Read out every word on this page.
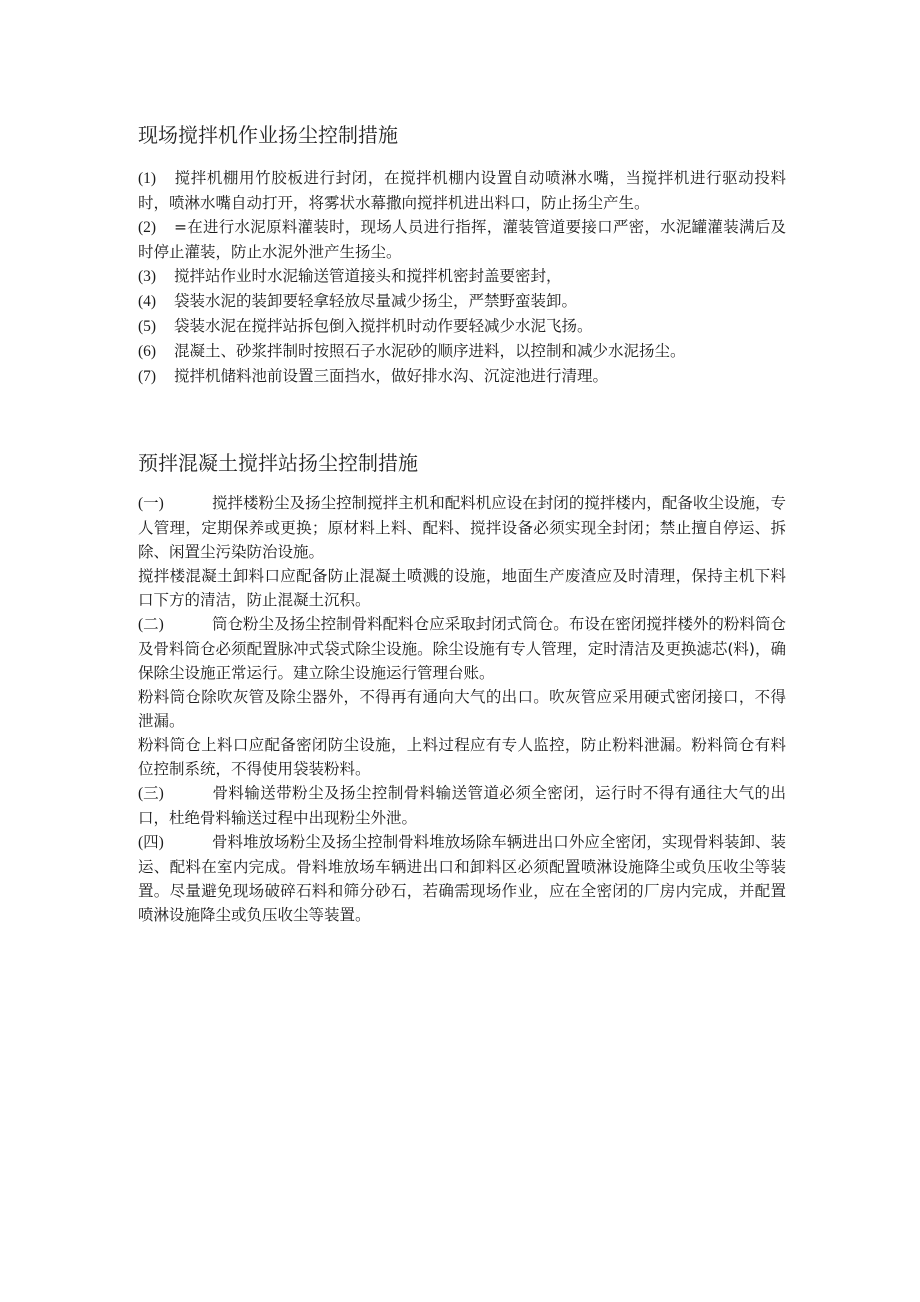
现场搅拌机作业扬尘控制措施

(1) 搅拌机棚用竹胶板进行封闭，在搅拌机棚内设置自动喷淋水嘴，当搅拌机进行驱动投料时，喷淋水嘴自动打开，将雾状水幕撒向搅拌机进出料口，防止扬尘产生。

(2) =在进行水泥原料灌装时，现场人员进行指挥，灌装管道要接口严密，水泥罐灌装满后及时停止灌装，防止水泥外泄产生扬尘。

(3) 搅拌站作业时水泥输送管道接头和搅拌机密封盖要密封，

(4) 袋装水泥的装卸要轻拿轻放尽量减少扬尘，严禁野蛮装卸。

(5) 袋装水泥在搅拌站拆包倒入搅拌机时动作要轻减少水泥飞扬。

(6) 混凝土、砂浆拌制时按照石子水泥砂的顺序进料，以控制和减少水泥扬尘。

(7) 搅拌机储料池前设置三面挡水，做好排水沟、沉淀池进行清理。

预拌混凝土搅拌站扬尘控制措施

(一)	搅拌楼粉尘及扬尘控制搅拌主机和配料机应设在封闭的搅拌楼内，配备收尘设施，专人管理，定期保养或更换；原材料上料、配料、搅拌设备必须实现全封闭；禁止擅自停运、拆除、闲置尘污染防治设施。

搅拌楼混凝土卸料口应配备防止混凝土喷溅的设施，地面生产废渣应及时清理，保持主机下料口下方的清洁，防止混凝土沉积。

(二)	筒仓粉尘及扬尘控制骨料配料仓应采取封闭式筒仓。布设在密闭搅拌楼外的粉料筒仓及骨料筒仓必须配置脉冲式袋式除尘设施。除尘设施有专人管理，定时清洁及更换滤芯(料)，确保除尘设施正常运行。建立除尘设施运行管理台账。

粉料筒仓除吹灰管及除尘器外，不得再有通向大气的出口。吹灰管应采用硬式密闭接口，不得泄漏。

粉料筒仓上料口应配备密闭防尘设施，上料过程应有专人监控，防止粉料泄漏。粉料筒仓有料位控制系统，不得使用袋装粉料。

(三)	骨料输送带粉尘及扬尘控制骨料输送管道必须全密闭，运行时不得有通往大气的出口，杜绝骨料输送过程中出现粉尘外泄。

(四)	骨料堆放场粉尘及扬尘控制骨料堆放场除车辆进出口外应全密闭，实现骨料装卸、装运、配料在室内完成。骨料堆放场车辆进出口和卸料区必须配置喷淋设施降尘或负压收尘等装置。尽量避免现场破碎石料和筛分砂石，若确需现场作业，应在全密闭的厂房内完成，并配置喷淋设施降尘或负压收尘等装置。
